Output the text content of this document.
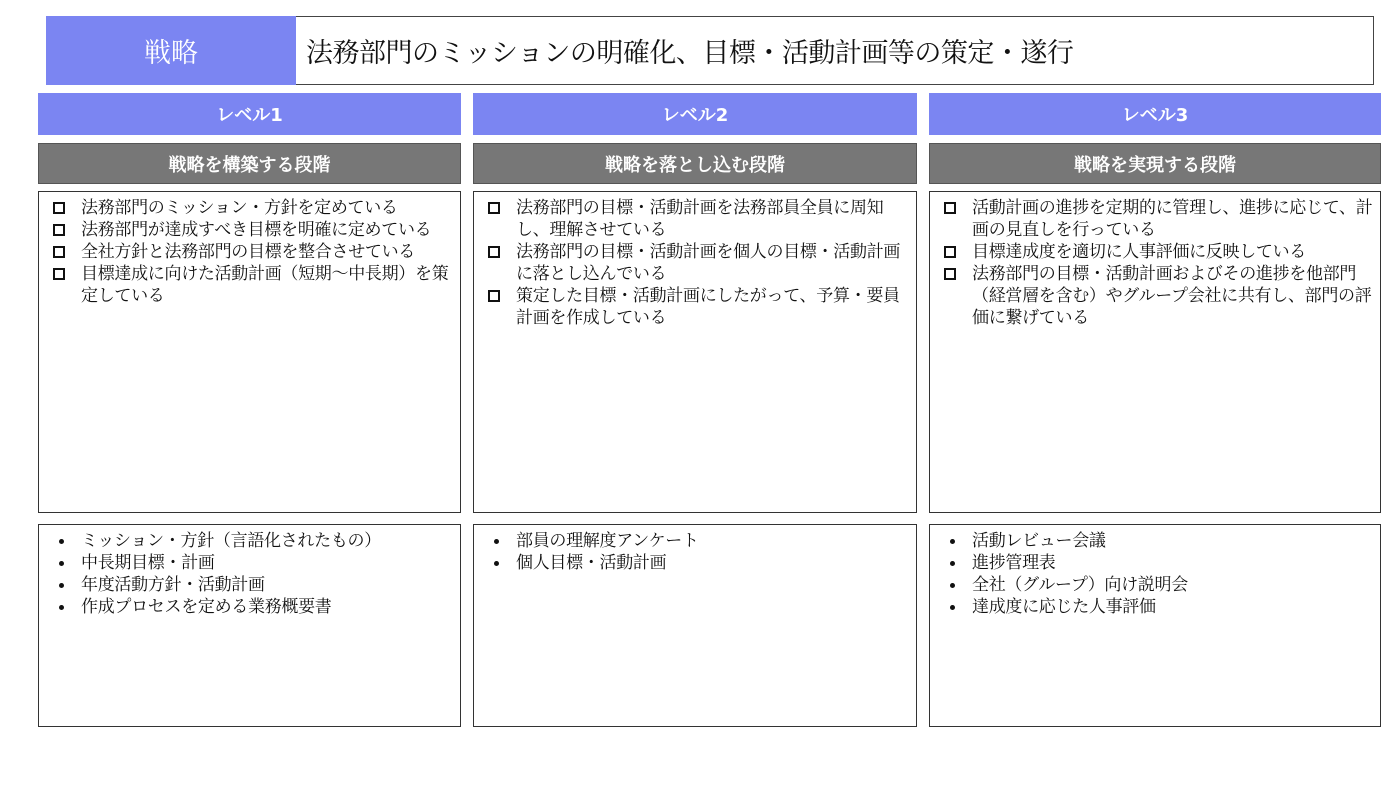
戦略	法務部門のミッションの明確化、目標・活動計画等の策定・遂行
レベル1
戦略を構築する段階
法務部門のミッション・方針を定めている
法務部門が達成すべき目標を明確に定めている
全社方針と法務部門の目標を整合させている
目標達成に向けた活動計画（短期～中長期）を策定している
ミッション・方針（言語化されたもの）
中長期目標・計画
年度活動方針・活動計画
作成プロセスを定める業務概要書
レベル2
戦略を落とし込む段階
法務部門の目標・活動計画を法務部員全員に周知し、理解させている
法務部門の目標・活動計画を個人の目標・活動計画に落とし込んでいる
策定した目標・活動計画にしたがって、予算・要員計画を作成している
部員の理解度アンケート
個人目標・活動計画
レベル3
戦略を実現する段階
活動計画の進捗を定期的に管理し、進捗に応じて、計画の見直しを行っている
目標達成度を適切に人事評価に反映している
法務部門の目標・活動計画およびその進捗を他部門（経営層を含む）やグループ会社に共有し、部門の評価に繋げている
活動レビュー会議
進捗管理表
全社（グループ）向け説明会
達成度に応じた人事評価
